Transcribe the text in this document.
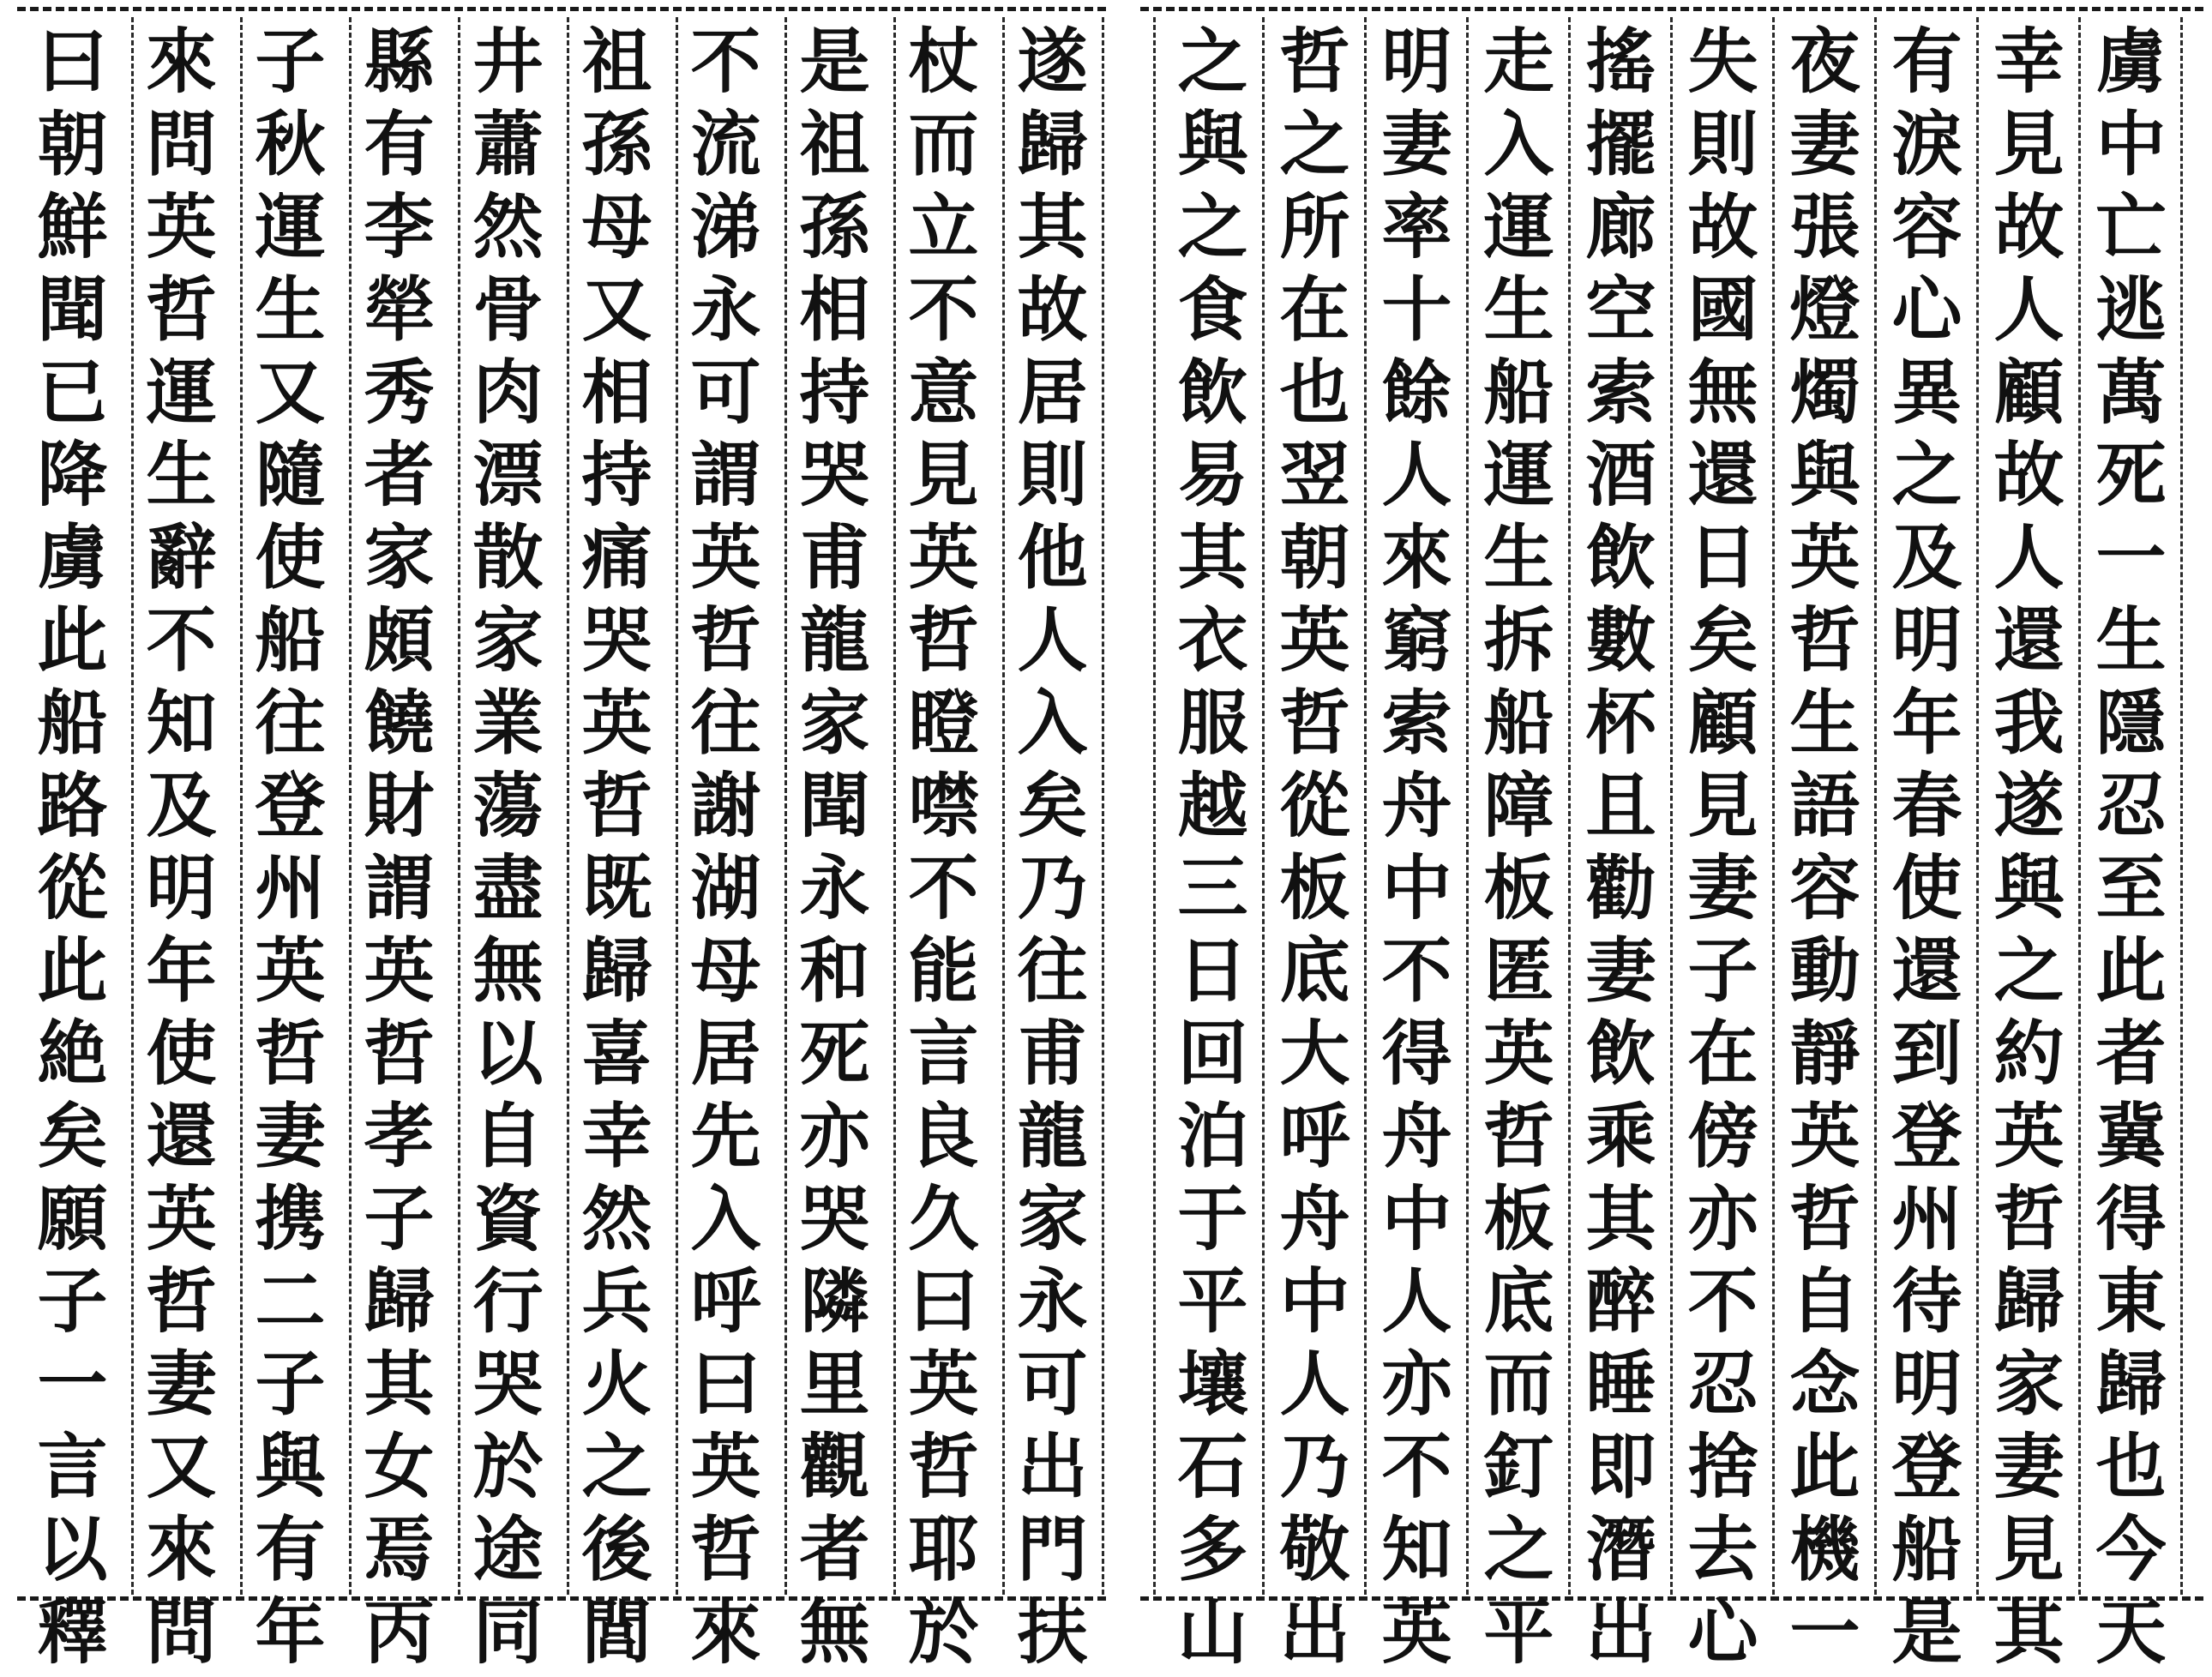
曰朝鮮聞已降虜此船路從此絶矣願子一言以釋 來問英哲運生辭不知及明年使還英哲妻又來問 子秋運生又隨使船往登州英哲妻携二子與有年 縣有李犖秀者家頗饒財謂英哲孝子歸其女焉丙 井蕭然骨肉漂散家業蕩盡無以自資行哭於途同 祖孫母又相持痛哭英哲既歸喜幸然兵火之後閭 不流涕永可謂英哲往謝湖母居先入呼曰英哲來 是祖孫相持哭甫龍家聞永和死亦哭隣里觀者無 杖而立不意見英哲瞪噤不能言良久曰英哲耶於 遂歸其故居則他人入矣乃往甫龍家永可出門扶 之與之食飲易其衣服越三日回泊于平壤石多山 哲之所在也翌朝英哲從板底大呼舟中人乃敬出 明妻率十餘人來窮索舟中不得舟中人亦不知英 走入運生船運生拆船障板匿英哲板底而釘之平 搖擺廊空索酒飲數杯且勸妻飲乘其醉睡即潛出 失則故國無還日矣顧見妻子在傍亦不忍捨去心 夜妻張燈燭與英哲生語容動靜英哲自念此機一 有淚容心異之及明年春使還到登州待明登船是 幸見故人顧故人還我遂與之約英哲歸家妻見其 虜中亡逃萬死一生隱忍至此者冀得東歸也今天
